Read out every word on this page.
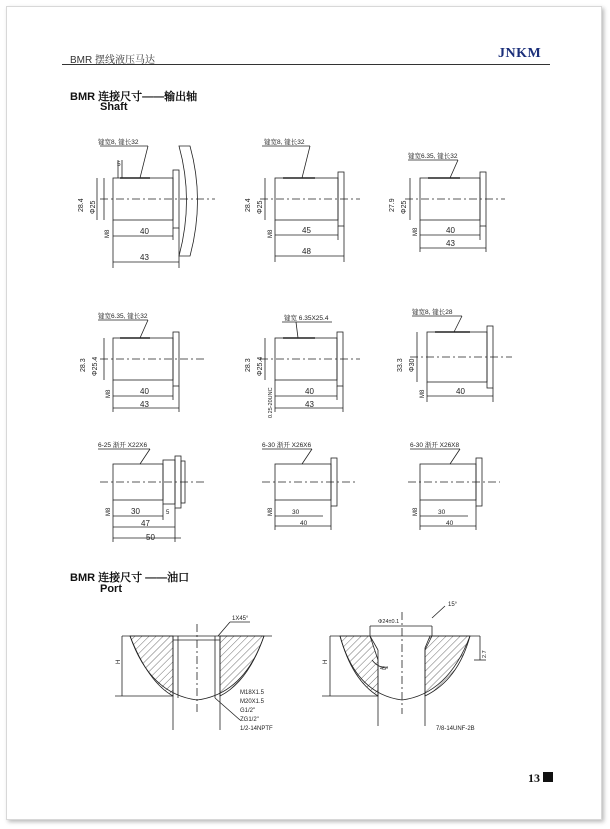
BMR 摆线液压马达	JNKM
BMR 连接尺寸——输出轴
Shaft
BMR 连接尺寸 ——油口
Port
键宽8, 键长32
5
28.4 Φ25
M8	40
43
键宽8, 键长32
28.4 Φ25
M8	45
48
键宽6.35, 键长32
27.9 Φ25
M8	40
43
键宽6.35, 键长32
28.3 Φ25.4
M8	40
43
键宽 6.35X25.4
28.3 Φ25.4
0.25-20UNC	40
43
键宽8, 键长28
33.3 Φ30
M8	40
6-25 渐开 X22X6
M8 30
47
50
5
6-30 渐开 X26X6
M8	30
40
6-30 渐开 X26X8
M8	30
40
1X45°
H
M18X1.5
M20X1.5
G1/2"
ZG1/2"
1/2-14NPTF
Φ24±0.1
15°
45°
H
2.7
7/8-14UNF-2B
13
